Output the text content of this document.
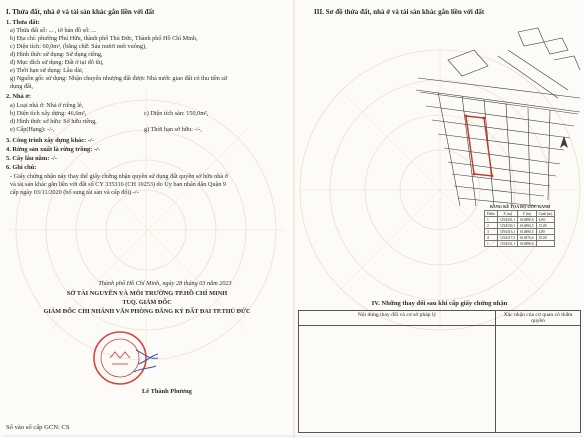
I. Thửa đất, nhà ở và tài sản khác gắn liền với đất
1. Thửa đất:
a) Thửa đất số: ... , tờ bản đồ số: ...
b) Địa chỉ: phường Phú Hữu, thành phố Thủ Đức, Thành phố Hồ Chí Minh,
c) Diện tích: 60,0m², (bằng chữ: Sáu mươi mét vuông),
d) Hình thức sử dụng: Sử dụng riêng,
đ) Mục đích sử dụng: Đất ở tại đô thị,
e) Thời hạn sử dụng: Lâu dài,
g) Nguồn gốc sử dụng: Nhận chuyển nhượng đất được Nhà nước giao đất có thu tiền sử
dụng đất,
2. Nhà ở:
a) Loại nhà ở: Nhà ở riêng lẻ,
b) Diện tích xây dựng: 46,6m²,	c) Diện tích sàn: 150,0m²,
d) Hình thức sở hữu: Sở hữu riêng,
e) Cấp(Hạng): -/-,	g) Thời hạn sở hữu: -/-,
3. Công trình xây dựng khác: -/-
4. Rừng sản xuất là rừng trồng: -/-
5. Cây lâu năm: -/-
6. Ghi chú:
- Giấy chứng nhận này thay thế giấy chứng nhận quyền sử dụng đất quyền sở hữu nhà ở
và tài sản khác gắn liền với đất số CY 335316 (CH 10253) do Ủy ban nhân dân Quận 9
cấp ngày 03/11/2020 (bổ sung tài sản và cấp đổi) -/-
Thành phố Hồ Chí Minh, ngày 28 tháng 03 năm 2023
SỞ TÀI NGUYÊN VÀ MÔI TRƯỜNG TP.HỒ CHÍ MINH
TUQ. GIÁM ĐỐC
GIÁM ĐỐC CHI NHÁNH VĂN PHÒNG ĐĂNG KÝ ĐẤT ĐAI TP.THỦ ĐỨC
Lê Thành Phương
Số vào sổ cấp GCN: CS
III. Sơ đồ thửa đất, nhà ở và tài sản khác gắn liền với đất
BẢNG KÊ TỌA ĐỘ GÓC RANH
Điểm	X (m)	Y (m)	Cạnh (m)
1	1194331,1	614880,6	4,00
2	1194330,1	614884,5	15,00
3	1194316,1	614880,5	4,00
4	1194317,5	614876,6	15,00
1	1194331,1	614880,6	
IV. Những thay đổi sau khi cấp giấy chứng nhận
Nội dung thay đổi và cơ sở pháp lý	Xác nhận của cơ quan có thẩm quyền
